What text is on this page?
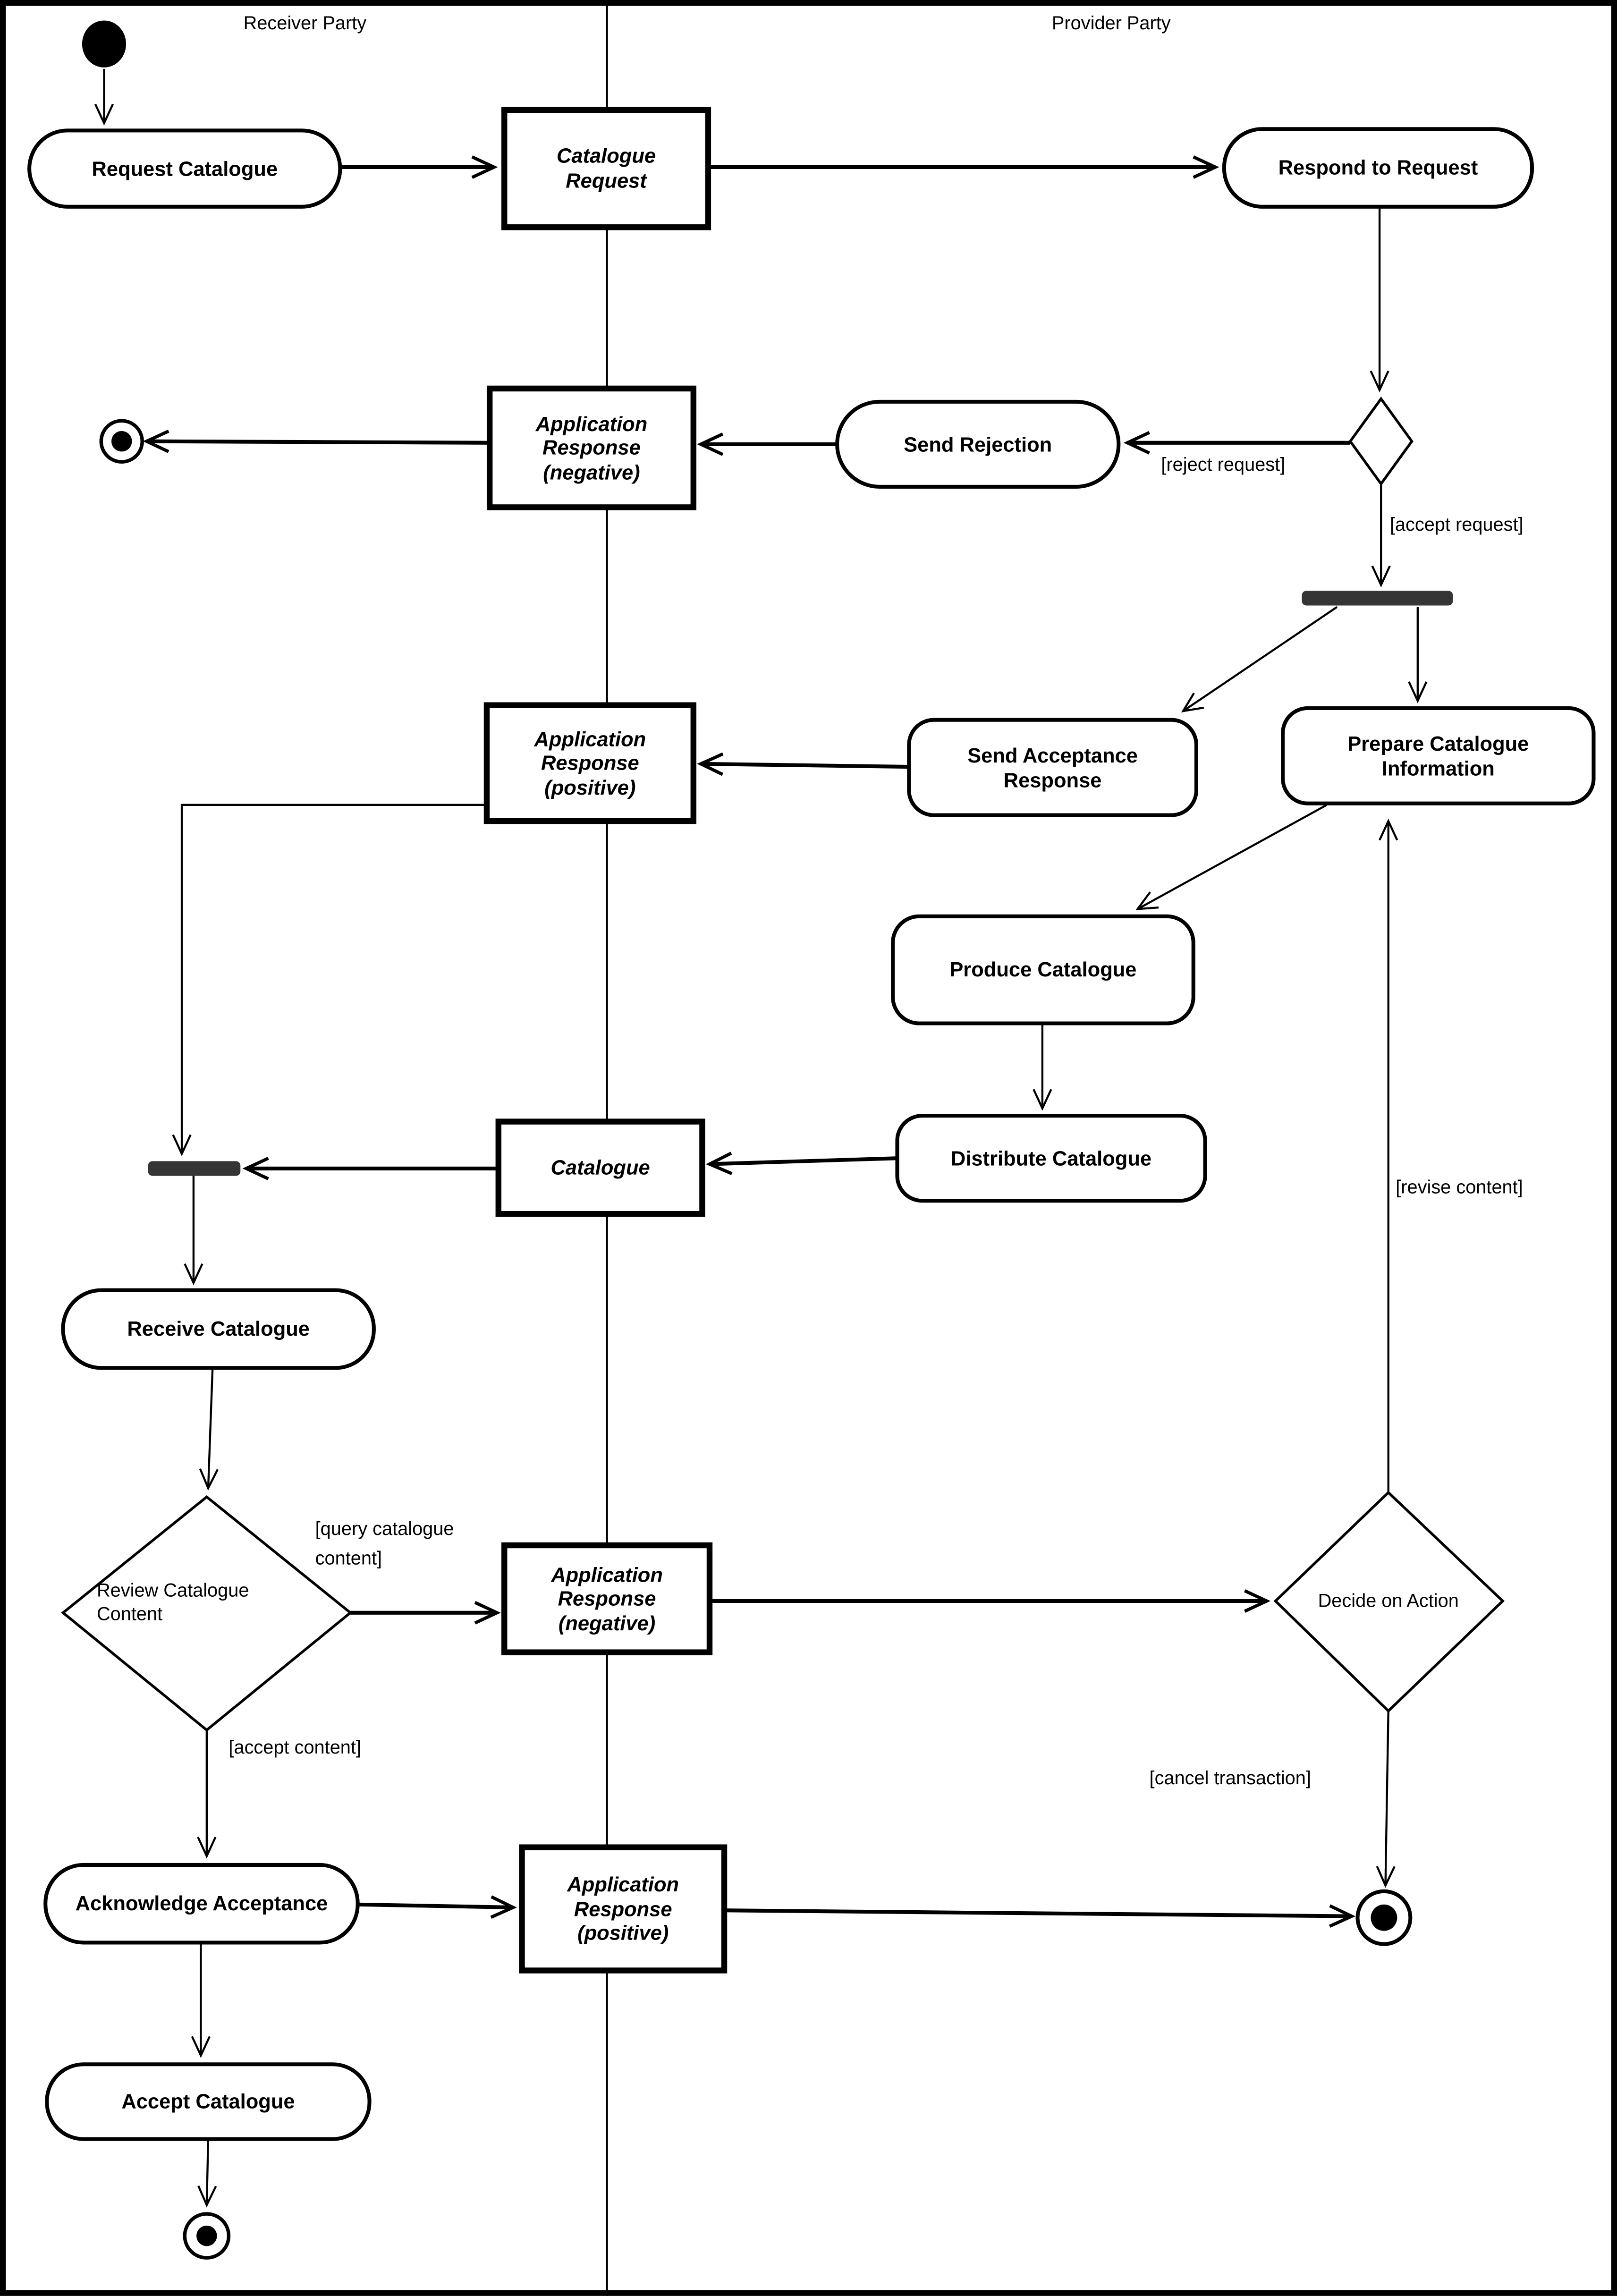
Receiver Party	Provider Party
Request Catalogue	Respond to Request
Send Rejection
Send Acceptance
Response
Prepare Catalogue
Information
Produce Catalogue
Distribute Catalogue
Receive Catalogue
Acknowledge Acceptance
Accept Catalogue
Catalogue
Request
Application
Response
(negative)
Application
Response
(positive)
Catalogue
Application
Response
(negative)
Application
Response
(positive)
Review Catalogue
Content
Decide on Action
[reject request]
[accept request]
[revise content]
[query catalogue
content]
[accept content]
[cancel transaction]
